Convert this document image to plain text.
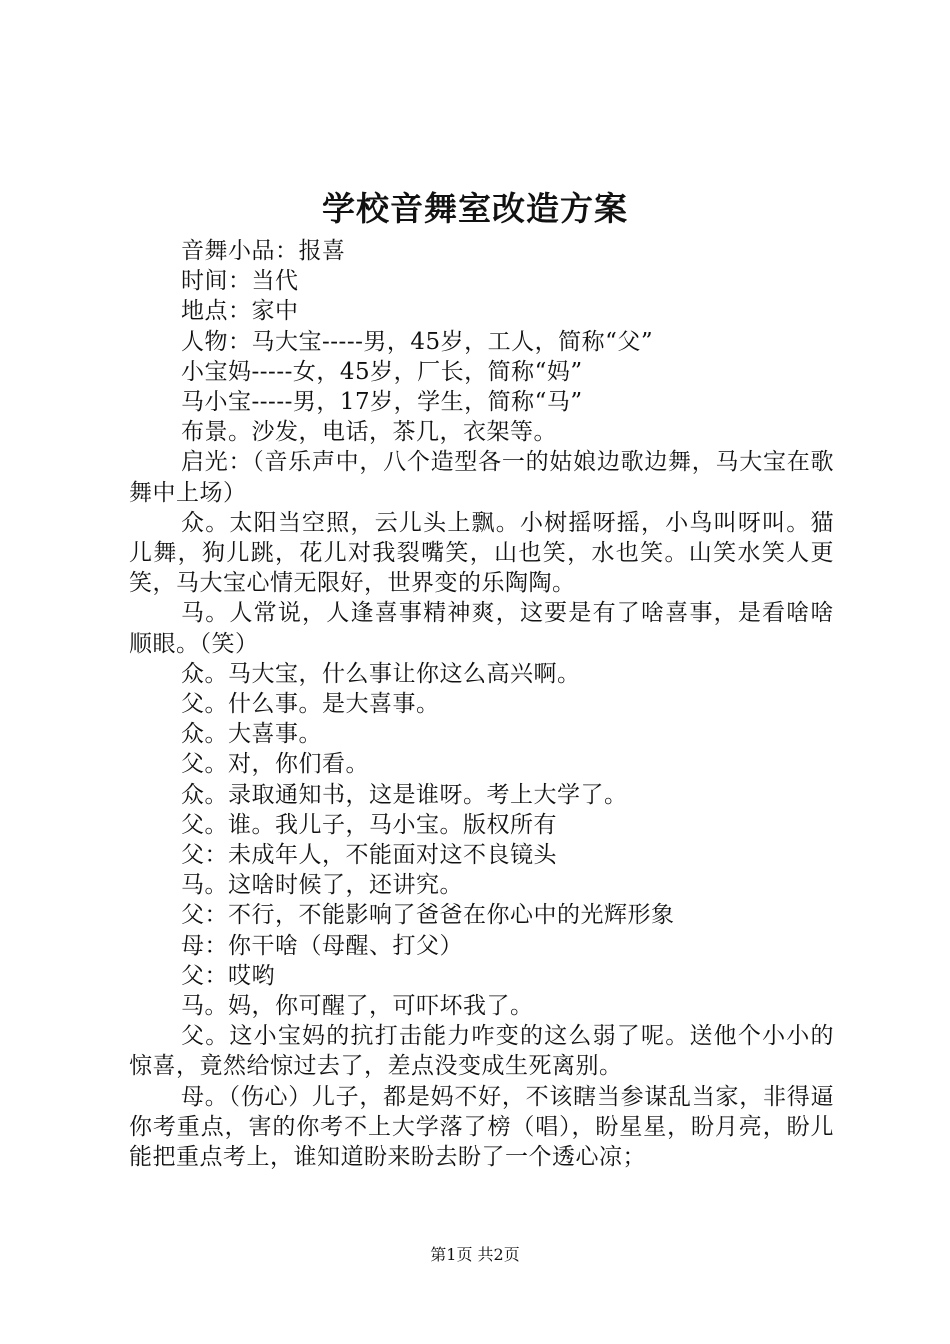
学校音舞室改造方案

音舞小品：报喜

时间：当代

地点：家中

人物：马大宝-----男，45岁，工人，简称“父”

小宝妈-----女，45岁，厂长，简称“妈”

马小宝-----男，17岁，学生，简称“马”

布景。沙发，电话，茶几，衣架等。

启光：（音乐声中，八个造型各一的姑娘边歌边舞，马大宝在歌舞中上场）

众。太阳当空照，云儿头上飘。小树摇呀摇，小鸟叫呀叫。猫儿舞，狗儿跳，花儿对我裂嘴笑，山也笑，水也笑。山笑水笑人更笑，马大宝心情无限好，世界变的乐陶陶。

马。人常说，人逢喜事精神爽，这要是有了啥喜事，是看啥啥顺眼。（笑）

众。马大宝，什么事让你这么高兴啊。

父。什么事。是大喜事。

众。大喜事。

父。对，你们看。

众。录取通知书，这是谁呀。考上大学了。

父。谁。我儿子，马小宝。版权所有

父：未成年人，不能面对这不良镜头

马。这啥时候了，还讲究。

父：不行，不能影响了爸爸在你心中的光辉形象

母：你干啥（母醒、打父）

父：哎哟

马。妈，你可醒了，可吓坏我了。

父。这小宝妈的抗打击能力咋变的这么弱了呢。送他个小小的惊喜，竟然给惊过去了，差点没变成生死离别。

母。（伤心）儿子，都是妈不好，不该瞎当参谋乱当家，非得逼你考重点，害的你考不上大学落了榜（唱），盼星星，盼月亮，盼儿能把重点考上，谁知道盼来盼去盼了一个透心凉；

第1页 共2页
